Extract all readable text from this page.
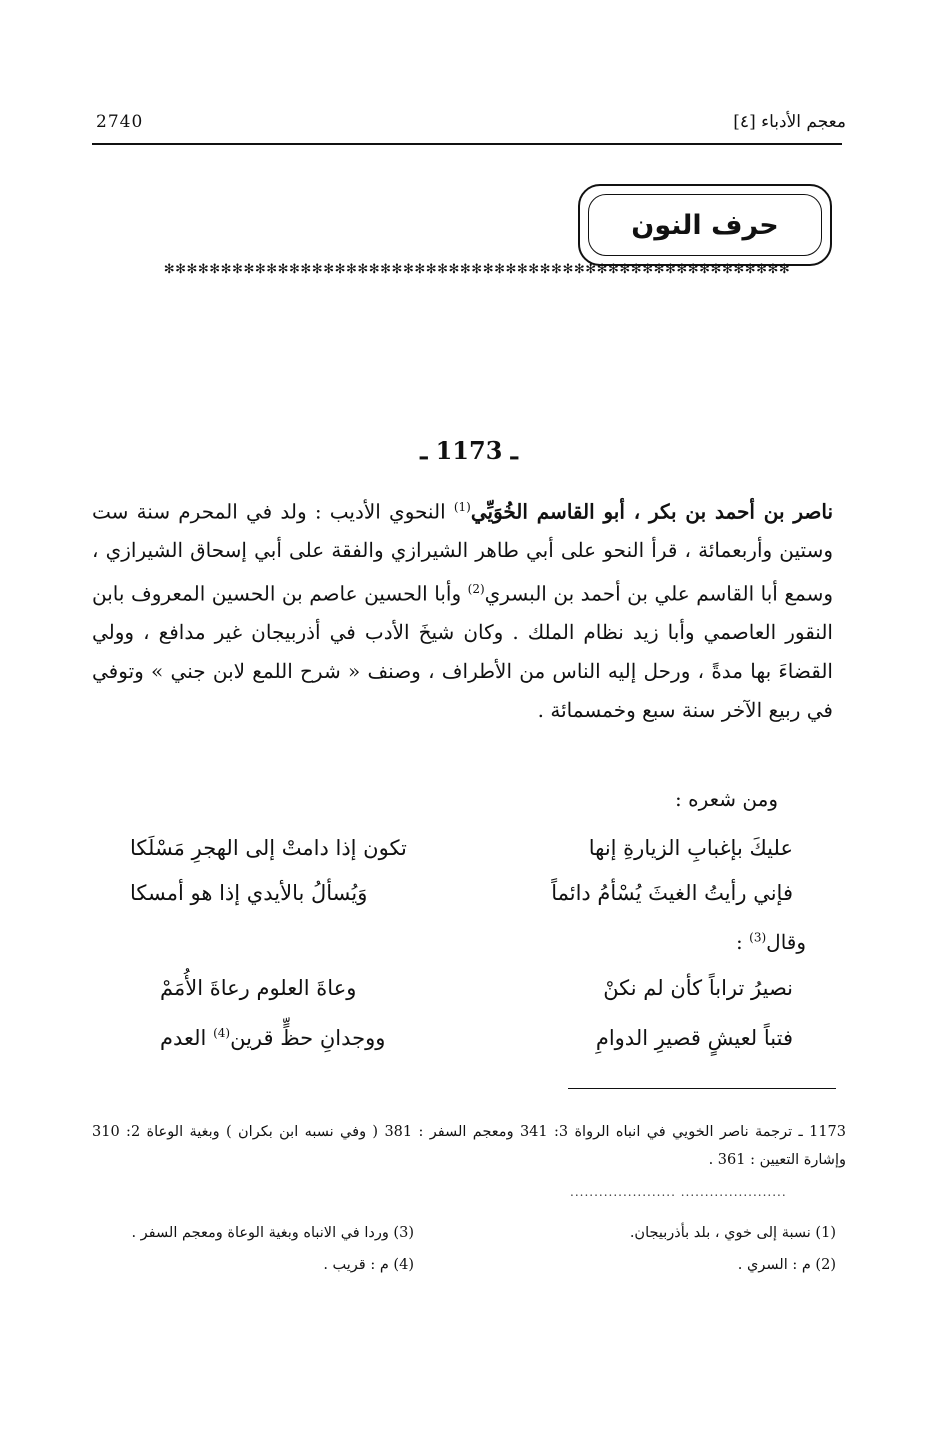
معجم الأدباء [٤]
2740
حرف النون
✻✻✻✻✻✻✻✻✻✻✻✻✻✻✻✻✻✻✻✻✻✻✻✻✻✻✻✻✻✻✻✻✻✻✻✻✻✻✻✻✻✻✻✻✻✻✻✻✻✻✻✻✻✻✻
ـ 1173 ـ
ناصر بن أحمد بن بكر ، أبو القاسم الخُوَيِّي$^{(1)}$ النحوي الأديب : ولد في المحرم سنة ست وستين وأربعمائة ، قرأ النحو على أبي طاهر الشيرازي والفقة على أبي إسحاق الشيرازي ، وسمع أبا القاسم علي بن أحمد بن البسري$^{(2)}$ وأبا الحسين عاصم بن الحسين المعروف بابن النقور العاصمي وأبا زيد نظام الملك . وكان شيخَ الأدب في أذربيجان غير مدافع ، وولي القضاءَ بها مدةً ، ورحل إليه الناس من الأطراف ، وصنف « شرح اللمع لابن جني » وتوفي في ربيع الآخر سنة سبع وخمسمائة .
ومن شعره :
عليكَ بإغبابِ الزيارةِ إنها
تكون إذا دامتْ إلى الهجرِ مَسْلَكا
فإني رأيتُ الغيثَ يُسْأمُ دائماً
وَيُسألُ بالأيدي إذا هو أمسكا
وقال$^{(3)}$ :
نصيرُ تراباً كأن لم نكنْ
وعاةَ العلوم رعاةَ الأُمَمْ
فتباً لعيشٍ قصيرِ الدوامِ
ووجدانِ حظٍّ قرين$^{(4)}$ العدم
1173 ـ ترجمة ناصر الخويي في انباه الرواة 3: 341 ومعجم السفر : 381 ( وفي نسبه ابن بكران ) وبغية الوعاة 2: 310 وإشارة التعيين : 361 .
...................... ......................
(1) نسبة إلى خوي ، بلد بأذربيجان.
(2) م : السري .
(3) وردا في الانباه وبغية الوعاة ومعجم السفر .
(4) م : قريب .
